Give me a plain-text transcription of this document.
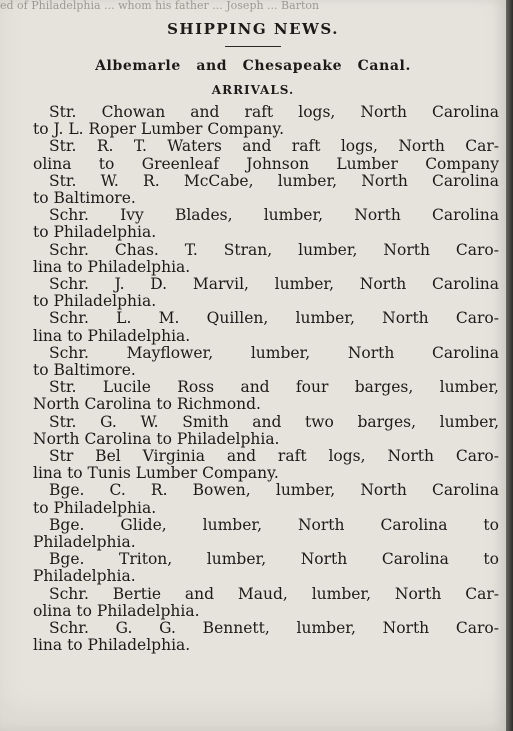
ed of Philadelphia ... whom his father ... Joseph ... Barton
SHIPPING NEWS.
Albemarle and Chesapeake Canal.
ARRIVALS.
Str. Chowan and raft logs, North Carolina
to J. L. Roper Lumber Company.
Str. R. T. Waters and raft logs, North Car-
olina to Greenleaf Johnson Lumber Company
Str. W. R. McCabe, lumber, North Carolina
to Baltimore.
Schr. Ivy Blades, lumber, North Carolina
to Philadelphia.
Schr. Chas. T. Stran, lumber, North Caro-
lina to Philadelphia.
Schr. J. D. Marvil, lumber, North Carolina
to Philadelphia.
Schr. L. M. Quillen, lumber, North Caro-
lina to Philadelphia.
Schr. Mayflower, lumber, North Carolina
to Baltimore.
Str. Lucile Ross and four barges, lumber,
North Carolina to Richmond.
Str. G. W. Smith and two barges, lumber,
North Carolina to Philadelphia.
Str Bel Virginia and raft logs, North Caro-
lina to Tunis Lumber Company.
Bge. C. R. Bowen, lumber, North Carolina
to Philadelphia.
Bge. Glide, lumber, North Carolina to
Philadelphia.
Bge. Triton, lumber, North Carolina to
Philadelphia.
Schr. Bertie and Maud, lumber, North Car-
olina to Philadelphia.
Schr. G. G. Bennett, lumber, North Caro-
lina to Philadelphia.
